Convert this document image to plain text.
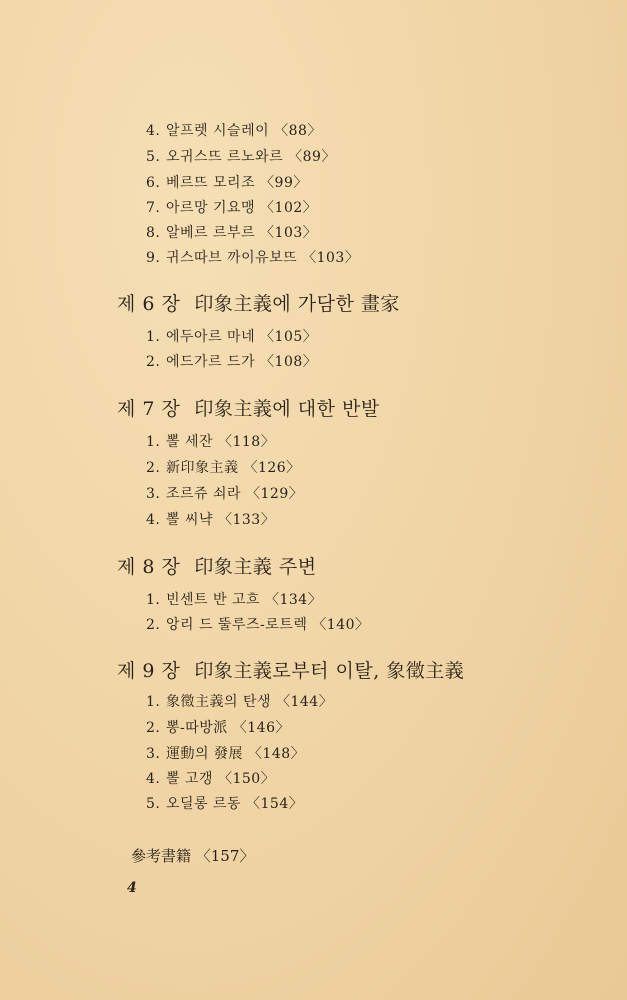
4. 알프렛 시슬레이 〈88〉
5. 오귀스뜨 르노와르 〈89〉
6. 베르뜨 모리조 〈99〉
7. 아르망 기요맹 〈102〉
8. 알베르 르부르 〈103〉
9. 귀스따브 까이유보뜨 〈103〉
제 6 장 印象主義에 가담한 畫家
1. 에두아르 마네 〈105〉
2. 에드가르 드가 〈108〉
제 7 장 印象主義에 대한 반발
1. 뽈 세잔 〈118〉
2. 新印象主義 〈126〉
3. 조르쥬 쇠라 〈129〉
4. 뽈 씨냑 〈133〉
제 8 장 印象主義 주변
1. 빈센트 반 고흐 〈134〉
2. 앙리 드 뚤루즈-로트렉 〈140〉
제 9 장 印象主義로부터 이탈, 象徵主義
1. 象徵主義의 탄생 〈144〉
2. 뽕-따방派 〈146〉
3. 運動의 發展 〈148〉
4. 뽈 고갱 〈150〉
5. 오딜롱 르동 〈154〉
參考書籍 〈157〉
4
